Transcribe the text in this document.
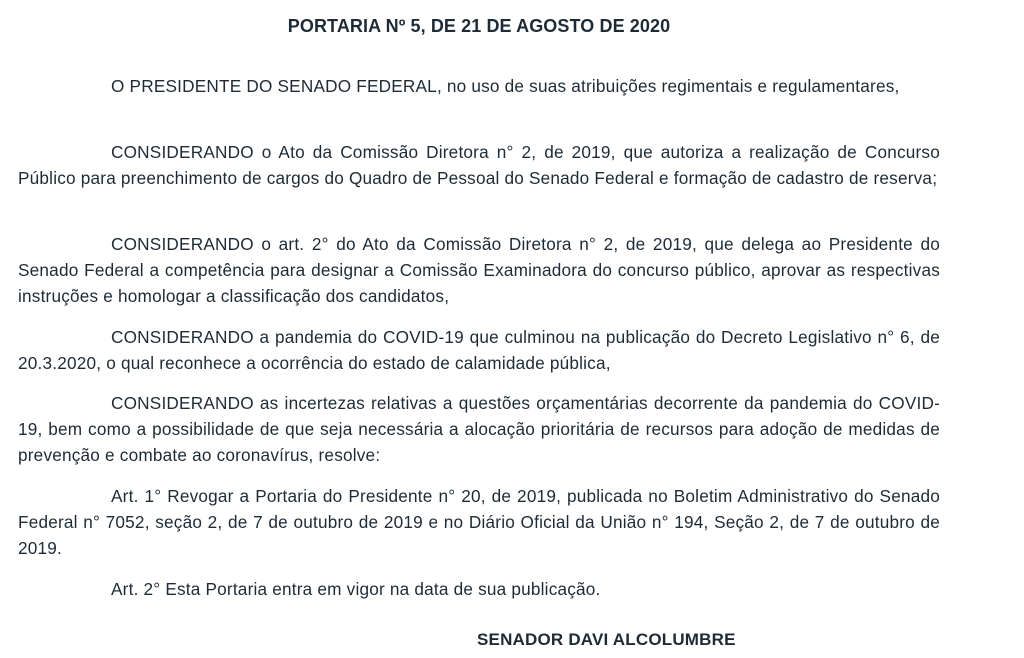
PORTARIA Nº 5, DE 21 DE AGOSTO DE 2020

O PRESIDENTE DO SENADO FEDERAL, no uso de suas atribuições regimentais e regulamentares,

CONSIDERANDO o Ato da Comissão Diretora n° 2, de 2019, que autoriza a realização de Concurso Público para preenchimento de cargos do Quadro de Pessoal do Senado Federal e formação de cadastro de reserva;

CONSIDERANDO o art. 2° do Ato da Comissão Diretora n° 2, de 2019, que delega ao Presidente do Senado Federal a competência para designar a Comissão Examinadora do concurso público, aprovar as respectivas instruções e homologar a classificação dos candidatos,

CONSIDERANDO a pandemia do COVID-19 que culminou na publicação do Decreto Legislativo n° 6, de 20.3.2020, o qual reconhece a ocorrência do estado de calamidade pública,

CONSIDERANDO as incertezas relativas a questões orçamentárias decorrente da pandemia do COVID-19, bem como a possibilidade de que seja necessária a alocação prioritária de recursos para adoção de medidas de prevenção e combate ao coronavírus, resolve:

Art. 1° Revogar a Portaria do Presidente n° 20, de 2019, publicada no Boletim Administrativo do Senado Federal n° 7052, seção 2, de 7 de outubro de 2019 e no Diário Oficial da União n° 194, Seção 2, de 7 de outubro de 2019.

Art. 2° Esta Portaria entra em vigor na data de sua publicação.

SENADOR DAVI ALCOLUMBRE
